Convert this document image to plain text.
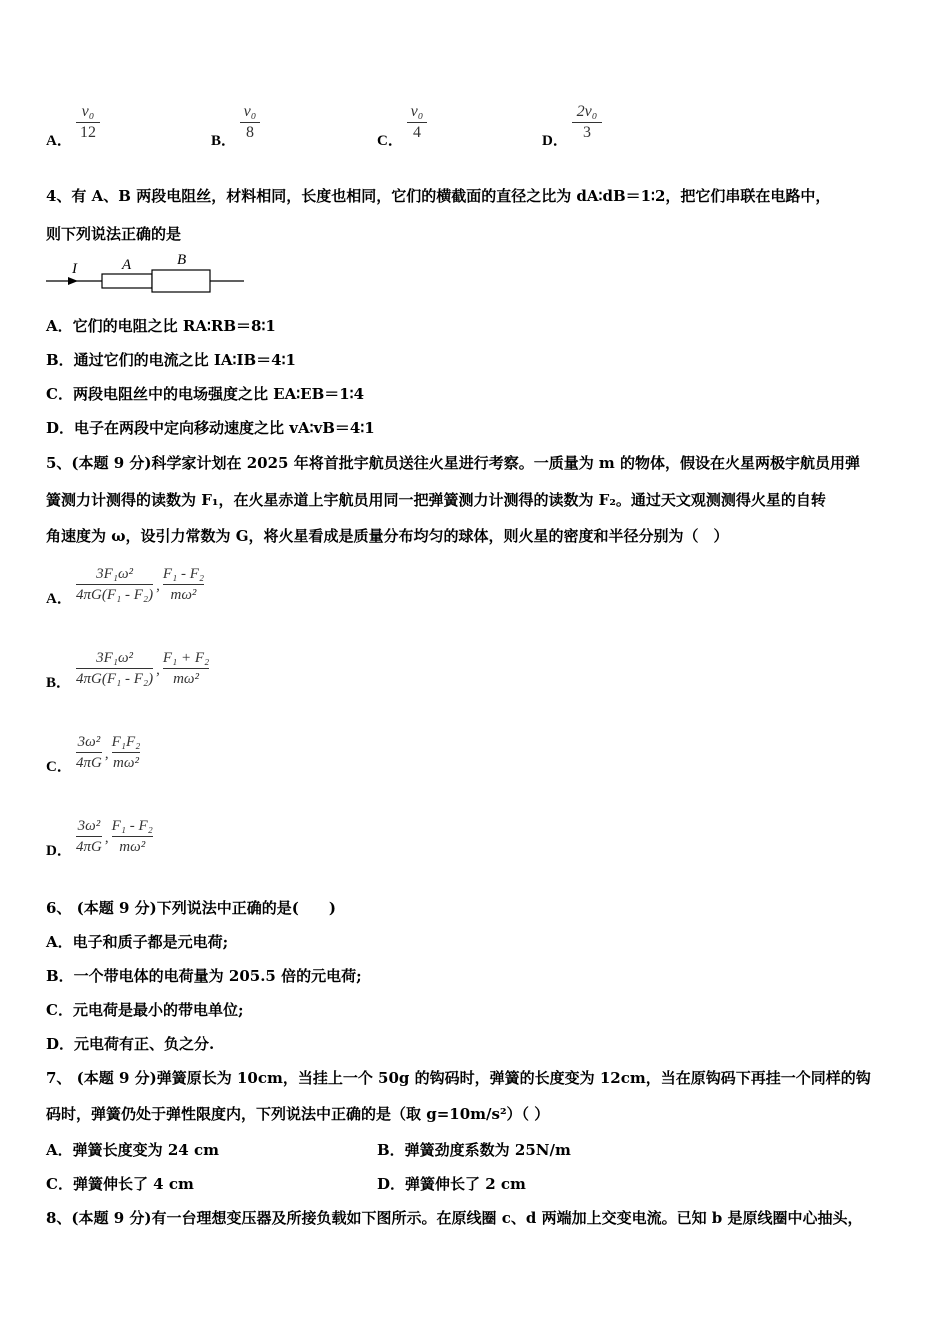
A．
v₀
12	B．
v₀
8	C．
v₀
4	D．
2v₀
3
4、有 A、B 两段电阻丝，材料相同，长度也相同，它们的横截面的直径之比为 dA∶dB＝1∶2，把它们串联在电路中，
则下列说法正确的是
I	A	B
A．它们的电阻之比 RA∶RB＝8∶1
B．通过它们的电流之比 IA∶IB＝4∶1
C．两段电阻丝中的电场强度之比 EA∶EB＝1∶4
D．电子在两段中定向移动速度之比 vA∶vB＝4∶1
5、(本题 9 分)科学家计划在 2025 年将首批宇航员送往火星进行考察。一质量为 m 的物体，假设在火星两极宇航员用弹
簧测力计测得的读数为 F₁，在火星赤道上宇航员用同一把弹簧测力计测得的读数为 F₂。通过天文观测测得火星的自转
角速度为 ω，设引力常数为 G，将火星看成是质量分布均匀的球体，则火星的密度和半径分别为（　）
A．
3F₁ω²
4πG(F₁ - F₂)
,
F₁ - F₂
mω²
B．
3F₁ω²
4πG(F₁ - F₂)
,
F₁ + F₂
mω²
C．
3ω²
4πG
,
F₁F₂
mω²
D．
3ω²
4πG
,
F₁ - F₂
mω²
6、 (本题 9 分)下列说法中正确的是(　　)
A．电子和质子都是元电荷;
B．一个带电体的电荷量为 205.5 倍的元电荷;
C．元电荷是最小的带电单位;
D．元电荷有正、负之分.
7、 (本题 9 分)弹簧原长为 10cm，当挂上一个 50g 的钩码时，弹簧的长度变为 12cm，当在原钩码下再挂一个同样的钩
码时，弹簧仍处于弹性限度内，下列说法中正确的是（取 g=10m/s²）（ ）
A．弹簧长度变为 24 cm	B．弹簧劲度系数为 25N/m
C．弹簧伸长了 4 cm	D．弹簧伸长了 2 cm
8、(本题 9 分)有一台理想变压器及所接负载如下图所示。在原线圈 c、d 两端加上交变电流。已知 b 是原线圈中心抽头，
